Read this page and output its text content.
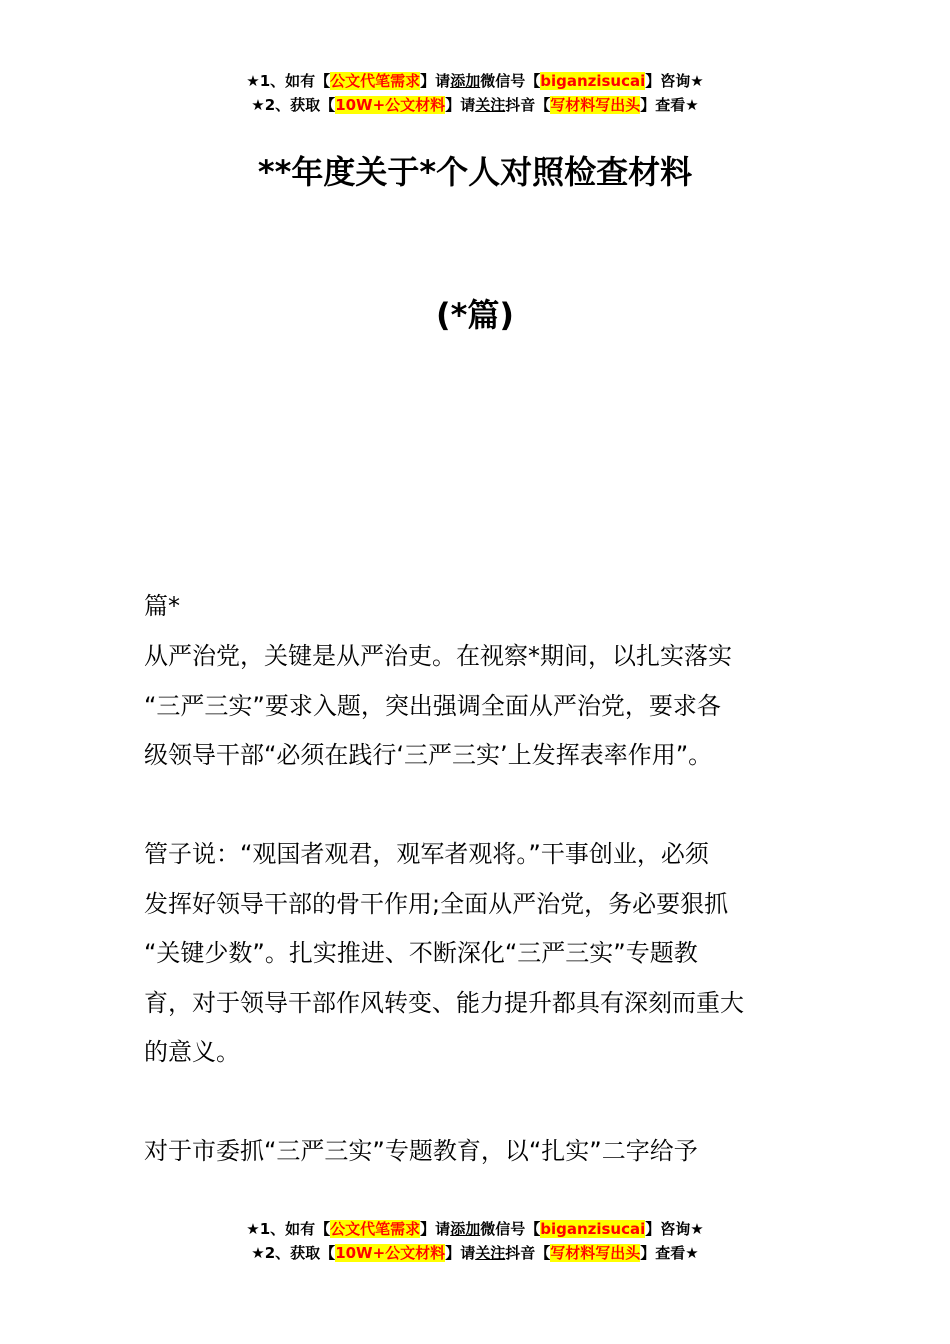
★1、如有【公文代笔需求】请添加微信号【biganzisucai】咨询★
★2、获取【10W+公文材料】请关注抖音【写材料写出头】查看★
**年度关于*个人对照检查材料
(*篇)
篇*
从严治党，关键是从严治吏。在视察*期间，以扎实落实
“三严三实”要求入题，突出强调全面从严治党，要求各
级领导干部“必须在践行‘三严三实’上发挥表率作用”。
管子说：“观国者观君，观军者观将。”干事创业，必须
发挥好领导干部的骨干作用;全面从严治党，务必要狠抓
“关键少数”。扎实推进、不断深化“三严三实”专题教
育，对于领导干部作风转变、能力提升都具有深刻而重大
的意义。
对于市委抓“三严三实”专题教育，以“扎实”二字给予
★1、如有【公文代笔需求】请添加微信号【biganzisucai】咨询★
★2、获取【10W+公文材料】请关注抖音【写材料写出头】查看★
